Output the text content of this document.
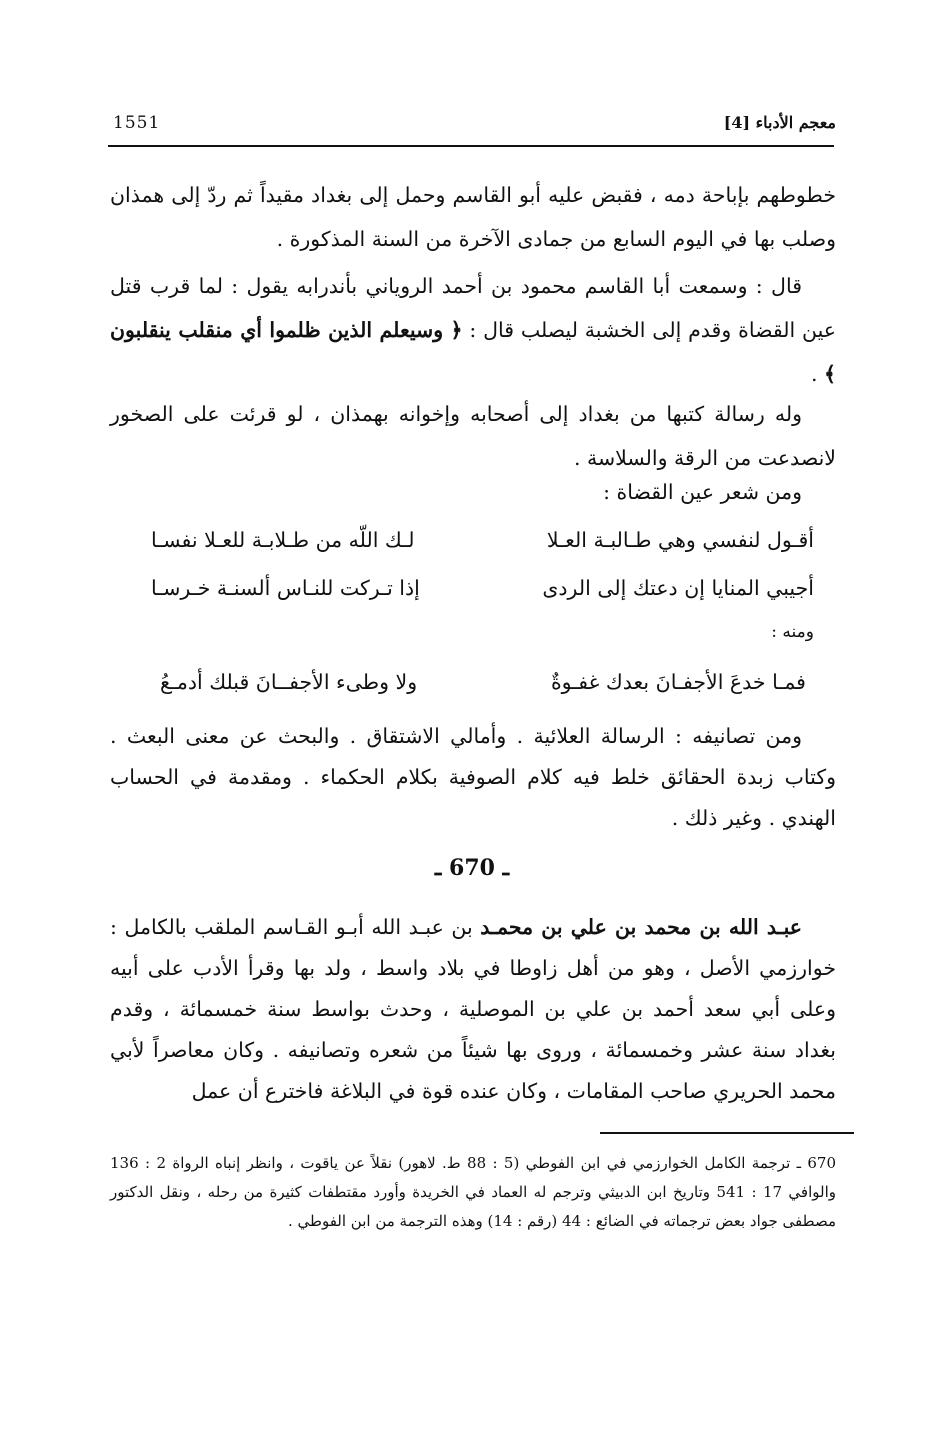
معجم الأدباء [4]
1551
خطوطهم بإباحة دمه ، فقبض عليه أبو القاسم وحمل إلى بغداد مقيداً ثم ردّ إلى همذان وصلب بها في اليوم السابع من جمادى الآخرة من السنة المذكورة .
قال : وسمعت أبا القاسم محمود بن أحمد الروياني بأندرابه يقول : لما قرب قتل عين القضاة وقدم إلى الخشبة ليصلب قال : ﴿ وسيعلم الذين ظلموا أي منقلب ينقلبون ﴾ .
وله رسالة كتبها من بغداد إلى أصحابه وإخوانه بهمذان ، لو قرئت على الصخور لانصدعت من الرقة والسلاسة .
ومن شعر عين القضاة :
أقـول لنفسي وهي طـالبـة العـلا
لـك اللّه من طـلابـة للعـلا نفسـا
أجيبي المنايا إن دعتك إلى الردى
إذا تـركت للنـاس ألسنـة خـرسـا
ومنه :
فمـا خدعَ الأجفـانَ بعدك غفـوةٌ
ولا وطىء الأجفــانَ قبلك أدمـعُ
ومن تصانيفه : الرسالة العلائية . وأمالي الاشتقاق . والبحث عن معنى البعث . وكتاب زبدة الحقائق خلط فيه كلام الصوفية بكلام الحكماء . ومقدمة في الحساب الهندي . وغير ذلك .
ـ 670 ـ
عبـد الله بن محمد بن علي بن محمـد بن عبـد الله أبـو القـاسم الملقب بالكامل : خوارزمي الأصل ، وهو من أهل زاوطا في بلاد واسط ، ولد بها وقرأ الأدب على أبيه وعلى أبي سعد أحمد بن علي بن الموصلية ، وحدث بواسط سنة خمسمائة ، وقدم بغداد سنة عشر وخمسمائة ، وروى بها شيئاً من شعره وتصانيفه . وكان معاصراً لأبي محمد الحريري صاحب المقامات ، وكان عنده قوة في البلاغة فاخترع أن عمل
670 ـ ترجمة الكامل الخوارزمي في ابن الفوطي (5 : 88 ط. لاهور) نقلاً عن ياقوت ، وانظر إنباه الرواة 2 : 136 والوافي 17 : 541 وتاريخ ابن الدبيثي وترجم له العماد في الخريدة وأورد مقتطفات كثيرة من رحله ، ونقل الدكتور مصطفى جواد بعض ترجماته في الضائع : 44 (رقم : 14) وهذه الترجمة من ابن الفوطي .
